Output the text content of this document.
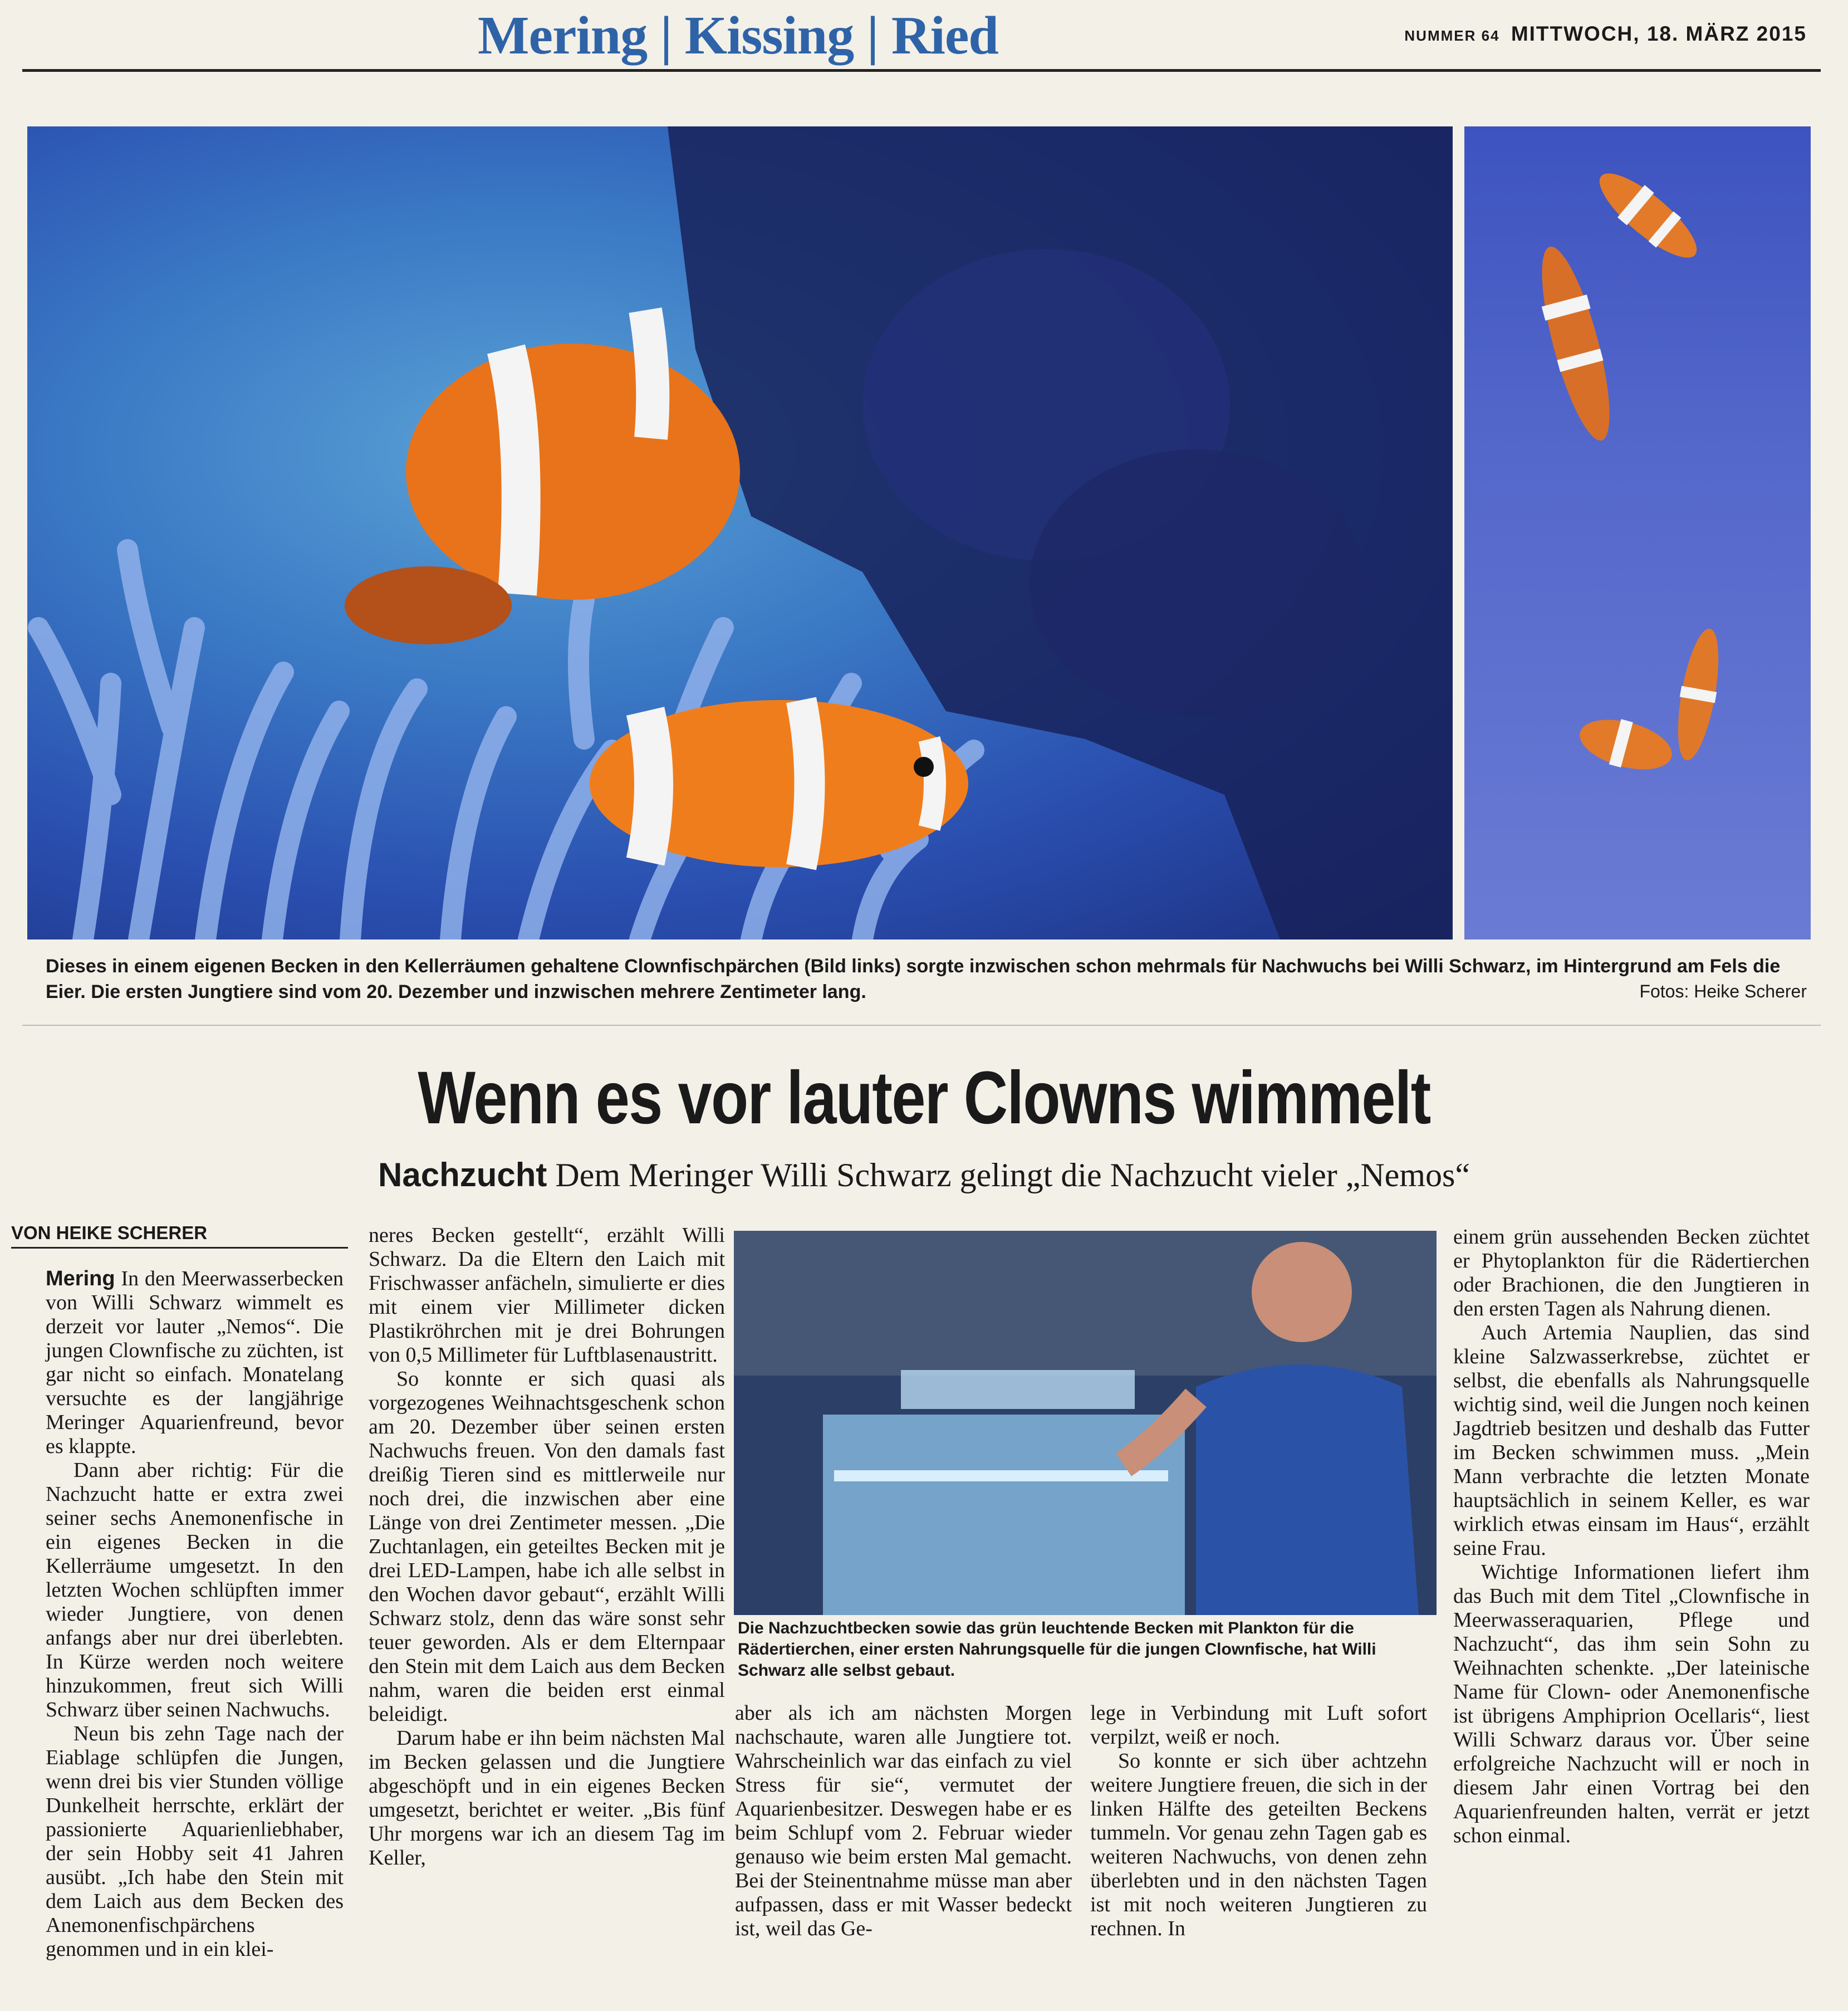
Mering | Kissing | Ried	NUMMER 64 MITTWOCH, 18. MÄRZ 2015
Dieses in einem eigenen Becken in den Kellerräumen gehaltene Clownfischpärchen (Bild links) sorgte inzwischen schon mehrmals für Nachwuchs bei Willi Schwarz, im Hintergrund am Fels die Eier. Die ersten Jungtiere sind vom 20. Dezember und inzwischen mehrere Zentimeter lang.	Fotos: Heike Scherer
Wenn es vor lauter Clowns wimmelt
Nachzucht Dem Meringer Willi Schwarz gelingt die Nachzucht vieler „Nemos“
VON HEIKE SCHERER

Mering In den Meerwasserbecken von Willi Schwarz wimmelt es derzeit vor lauter „Nemos“. Die jungen Clownfische zu züchten, ist gar nicht so einfach. Monatelang versuchte es der langjährige Meringer Aquarienfreund, bevor es klappte.

Dann aber richtig: Für die Nachzucht hatte er extra zwei seiner sechs Anemonenfische in ein eigenes Becken in die Kellerräume umgesetzt. In den letzten Wochen schlüpften immer wieder Jungtiere, von denen anfangs aber nur drei überlebten. In Kürze werden noch weitere hinzukommen, freut sich Willi Schwarz über seinen Nachwuchs.

Neun bis zehn Tage nach der Eiablage schlüpfen die Jungen, wenn drei bis vier Stunden völlige Dunkelheit herrschte, erklärt der passionierte Aquarienliebhaber, der sein Hobby seit 41 Jahren ausübt. „Ich habe den Stein mit dem Laich aus dem Becken des Anemonenfischpärchens genommen und in ein klei-

neres Becken gestellt“, erzählt Willi Schwarz. Da die Eltern den Laich mit Frischwasser anfächeln, simulierte er dies mit einem vier Millimeter dicken Plastikröhrchen mit je drei Bohrungen von 0,5 Millimeter für Luftblasenaustritt.

So konnte er sich quasi als vorgezogenes Weihnachtsgeschenk schon am 20. Dezember über seinen ersten Nachwuchs freuen. Von den damals fast dreißig Tieren sind es mittlerweile nur noch drei, die inzwischen aber eine Länge von drei Zentimeter messen. „Die Zuchtanlagen, ein geteiltes Becken mit je drei LED-Lampen, habe ich alle selbst in den Wochen davor gebaut“, erzählt Willi Schwarz stolz, denn das wäre sonst sehr teuer geworden. Als er dem Elternpaar den Stein mit dem Laich aus dem Becken nahm, waren die beiden erst einmal beleidigt.

Darum habe er ihn beim nächsten Mal im Becken gelassen und die Jungtiere abgeschöpft und in ein eigenes Becken umgesetzt, berichtet er weiter. „Bis fünf Uhr morgens war ich an diesem Tag im Keller,

Die Nachzuchtbecken sowie das grün leuchtende Becken mit Plankton für die Rädertierchen, einer ersten Nahrungsquelle für die jungen Clownfische, hat Willi Schwarz alle selbst gebaut.

aber als ich am nächsten Morgen nachschaute, waren alle Jungtiere tot. Wahrscheinlich war das einfach zu viel Stress für sie“, vermutet der Aquarienbesitzer. Deswegen habe er es beim Schlupf vom 2. Februar wieder genauso wie beim ersten Mal gemacht. Bei der Steinentnahme müsse man aber aufpassen, dass er mit Wasser bedeckt ist, weil das Ge-

lege in Verbindung mit Luft sofort verpilzt, weiß er noch.

So konnte er sich über achtzehn weitere Jungtiere freuen, die sich in der linken Hälfte des geteilten Beckens tummeln. Vor genau zehn Tagen gab es weiteren Nachwuchs, von denen zehn überlebten und in den nächsten Tagen ist mit noch weiteren Jungtieren zu rechnen. In

einem grün aussehenden Becken züchtet er Phytoplankton für die Rädertierchen oder Brachionen, die den Jungtieren in den ersten Tagen als Nahrung dienen.

Auch Artemia Nauplien, das sind kleine Salzwasserkrebse, züchtet er selbst, die ebenfalls als Nahrungsquelle wichtig sind, weil die Jungen noch keinen Jagdtrieb besitzen und deshalb das Futter im Becken schwimmen muss. „Mein Mann verbrachte die letzten Monate hauptsächlich in seinem Keller, es war wirklich etwas einsam im Haus“, erzählt seine Frau.

Wichtige Informationen liefert ihm das Buch mit dem Titel „Clownfische in Meerwasseraquarien, Pflege und Nachzucht“, das ihm sein Sohn zu Weihnachten schenkte. „Der lateinische Name für Clown- oder Anemonenfische ist übrigens Amphiprion Ocellaris“, liest Willi Schwarz daraus vor. Über seine erfolgreiche Nachzucht will er noch in diesem Jahr einen Vortrag bei den Aquarienfreunden halten, verrät er jetzt schon einmal.
